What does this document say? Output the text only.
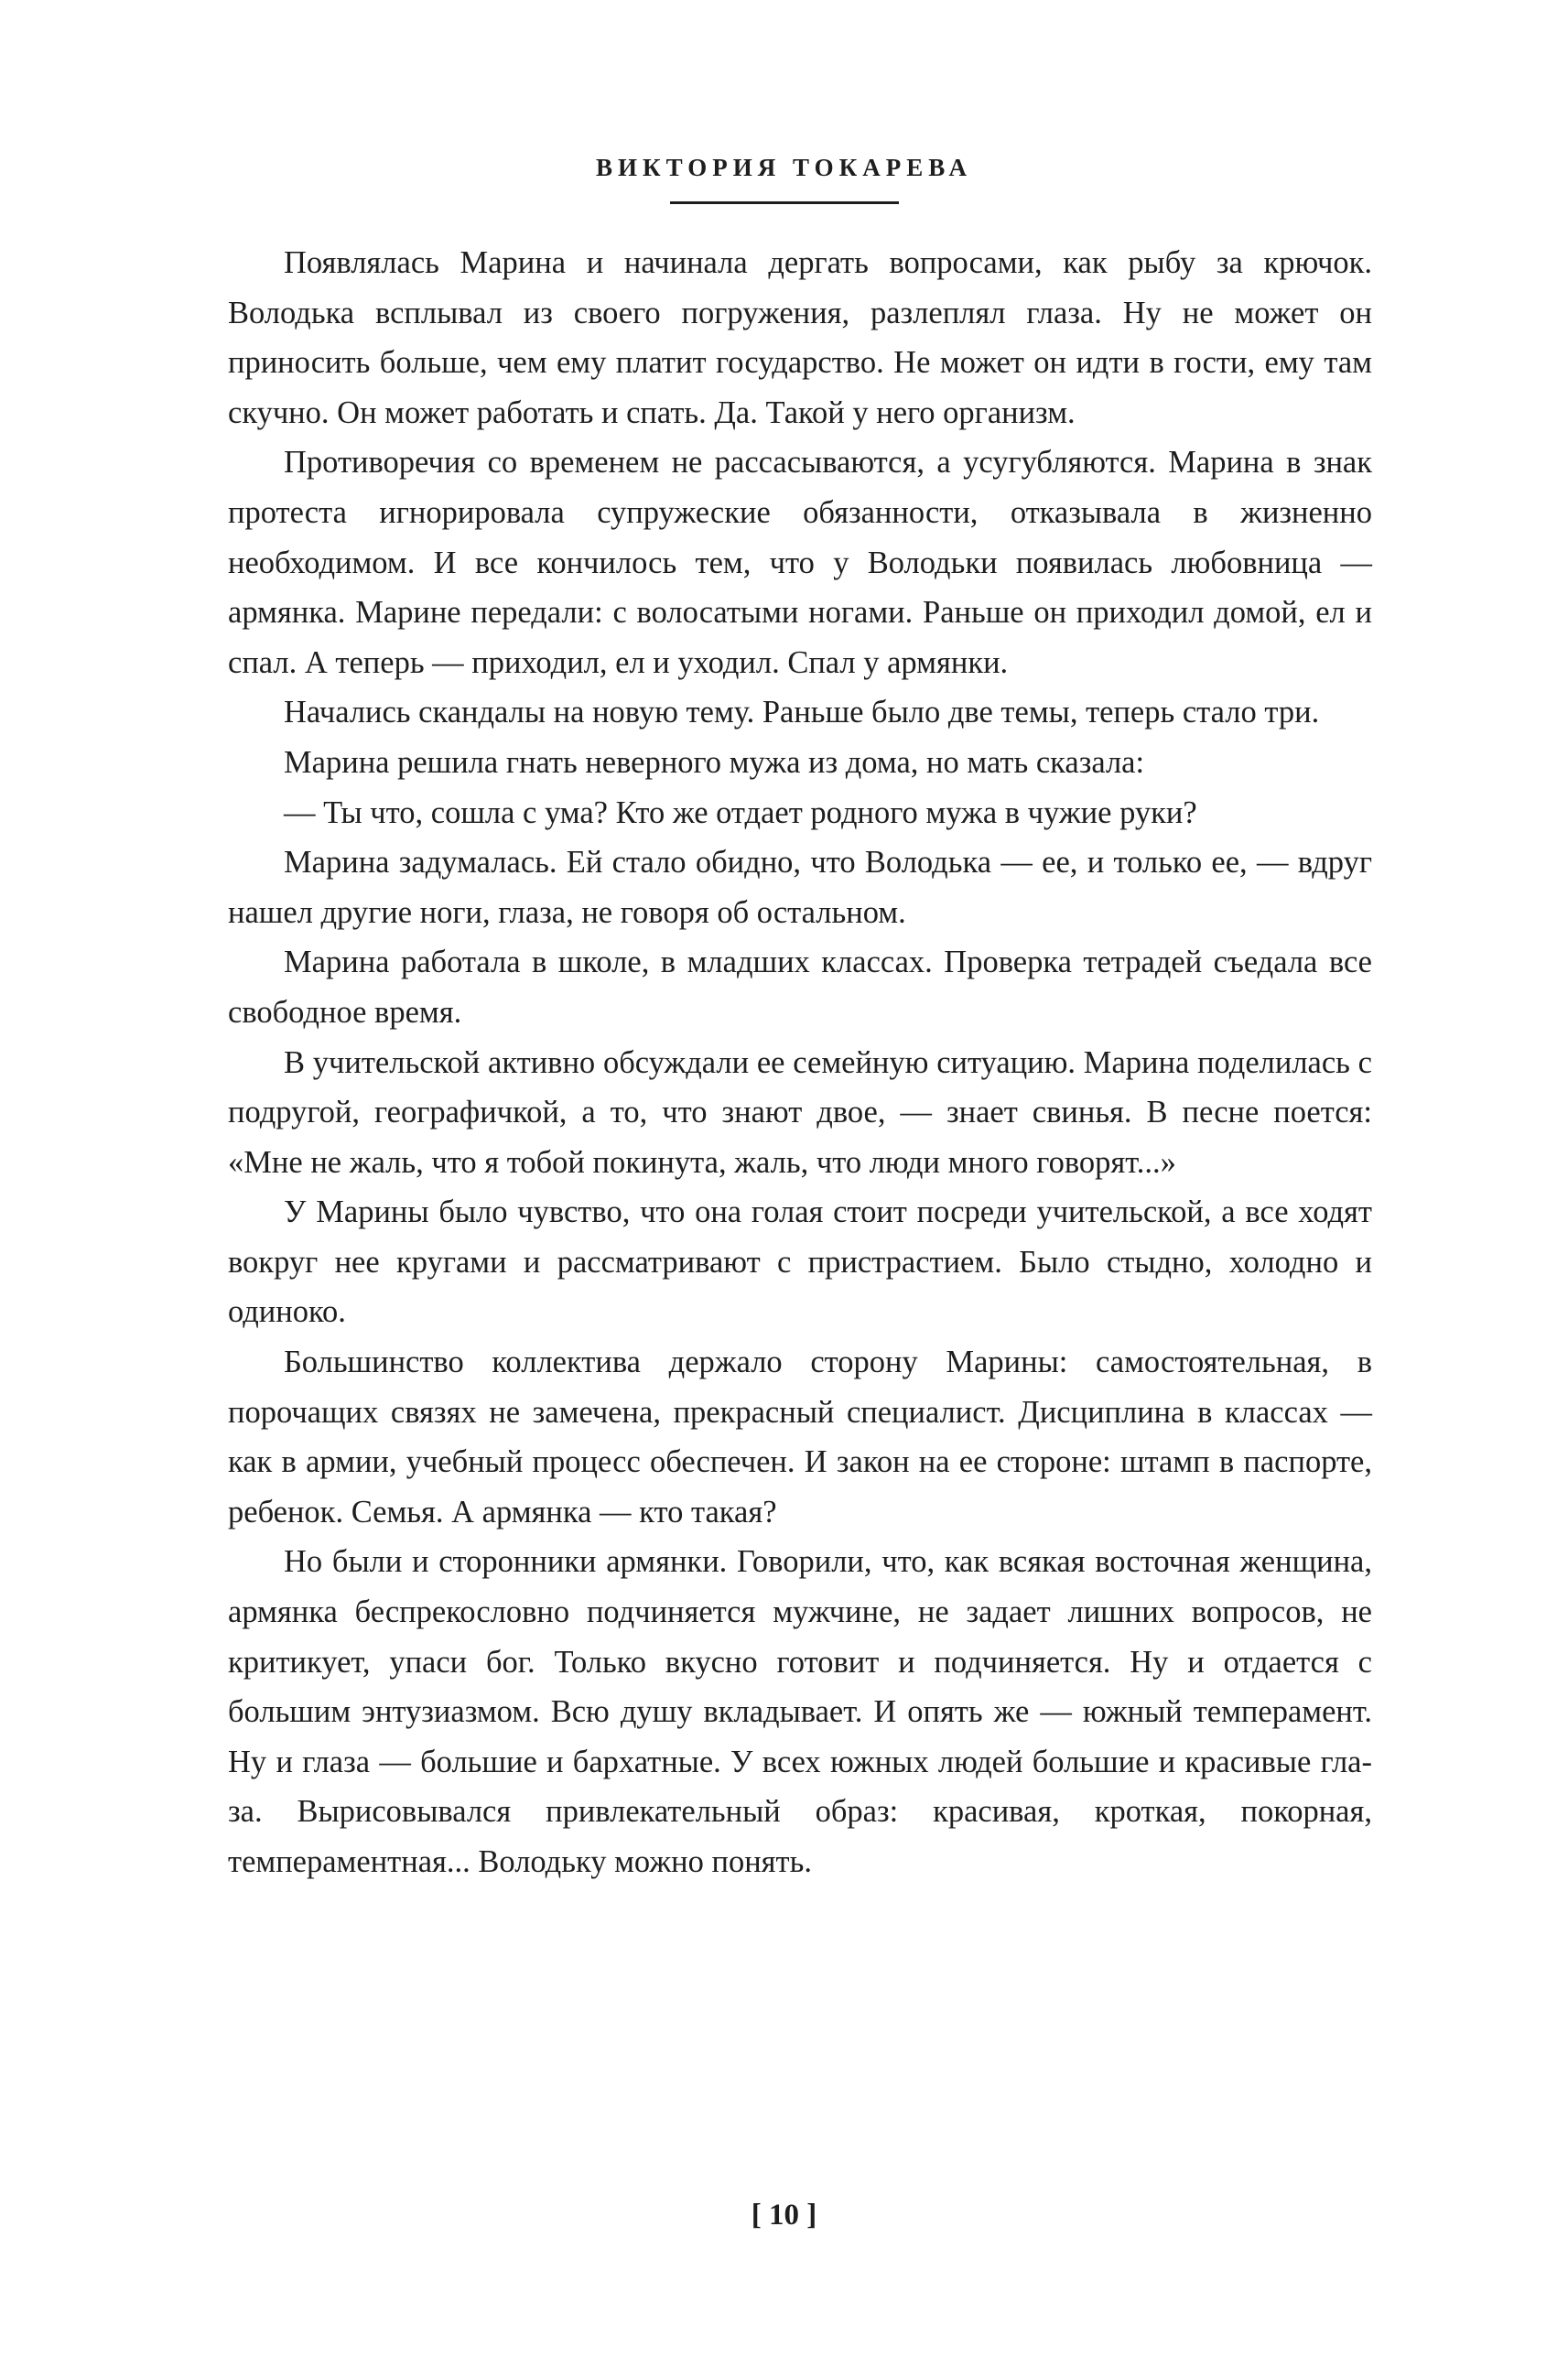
ВИКТОРИЯ ТОКАРЕВА

Появлялась Марина и начинала дергать вопросами, как рыбу за крючок. Володька всплывал из своего погружения, разлеплял глаза. Ну не может он приносить больше, чем ему платит государство. Не может он идти в гости, ему там скучно. Он может работать и спать. Да. Такой у него организм.

Противоречия со временем не рассасываются, а усугубляются. Марина в знак протеста игнорировала супружеские обязанности, отказывала в жизненно необходимом. И все кончилось тем, что у Володьки появилась любовница — армянка. Марине передали: с волосатыми ногами. Раньше он приходил домой, ел и спал. А теперь — приходил, ел и уходил. Спал у армянки.

Начались скандалы на новую тему. Раньше было две темы, теперь стало три.

Марина решила гнать неверного мужа из дома, но мать сказала:

— Ты что, сошла с ума? Кто же отдает родного мужа в чужие руки?

Марина задумалась. Ей стало обидно, что Володька — ее, и только ее, — вдруг нашел другие ноги, глаза, не говоря об остальном.

Марина работала в школе, в младших классах. Проверка тетрадей съедала все свободное время.

В учительской активно обсуждали ее семейную ситуацию. Марина поделилась с подругой, географичкой, а то, что знают двое, — знает свинья. В песне поется: «Мне не жаль, что я тобой покинута, жаль, что люди много говорят...»

У Марины было чувство, что она голая стоит посреди учительской, а все ходят вокруг нее кругами и рассматривают с пристрастием. Было стыдно, холодно и одиноко.

Большинство коллектива держало сторону Марины: самостоятельная, в порочащих связях не замечена, прекрасный специалист. Дисциплина в классах — как в армии, учебный процесс обеспечен. И закон на ее стороне: штамп в паспорте, ребенок. Семья. А армянка — кто такая?

Но были и сторонники армянки. Говорили, что, как всякая восточная женщина, армянка беспрекословно подчиняется мужчине, не задает лишних вопросов, не критикует, упаси бог. Только вкусно готовит и подчиняется. Ну и отдается с большим энтузиазмом. Всю душу вкладывает. И опять же — южный темперамент. Ну и глаза — большие и бархатные. У всех южных людей большие и красивые глаза. Вырисовывался привлекательный образ: красивая, кроткая, покорная, темпераментная... Володьку можно понять.

[ 10 ]
